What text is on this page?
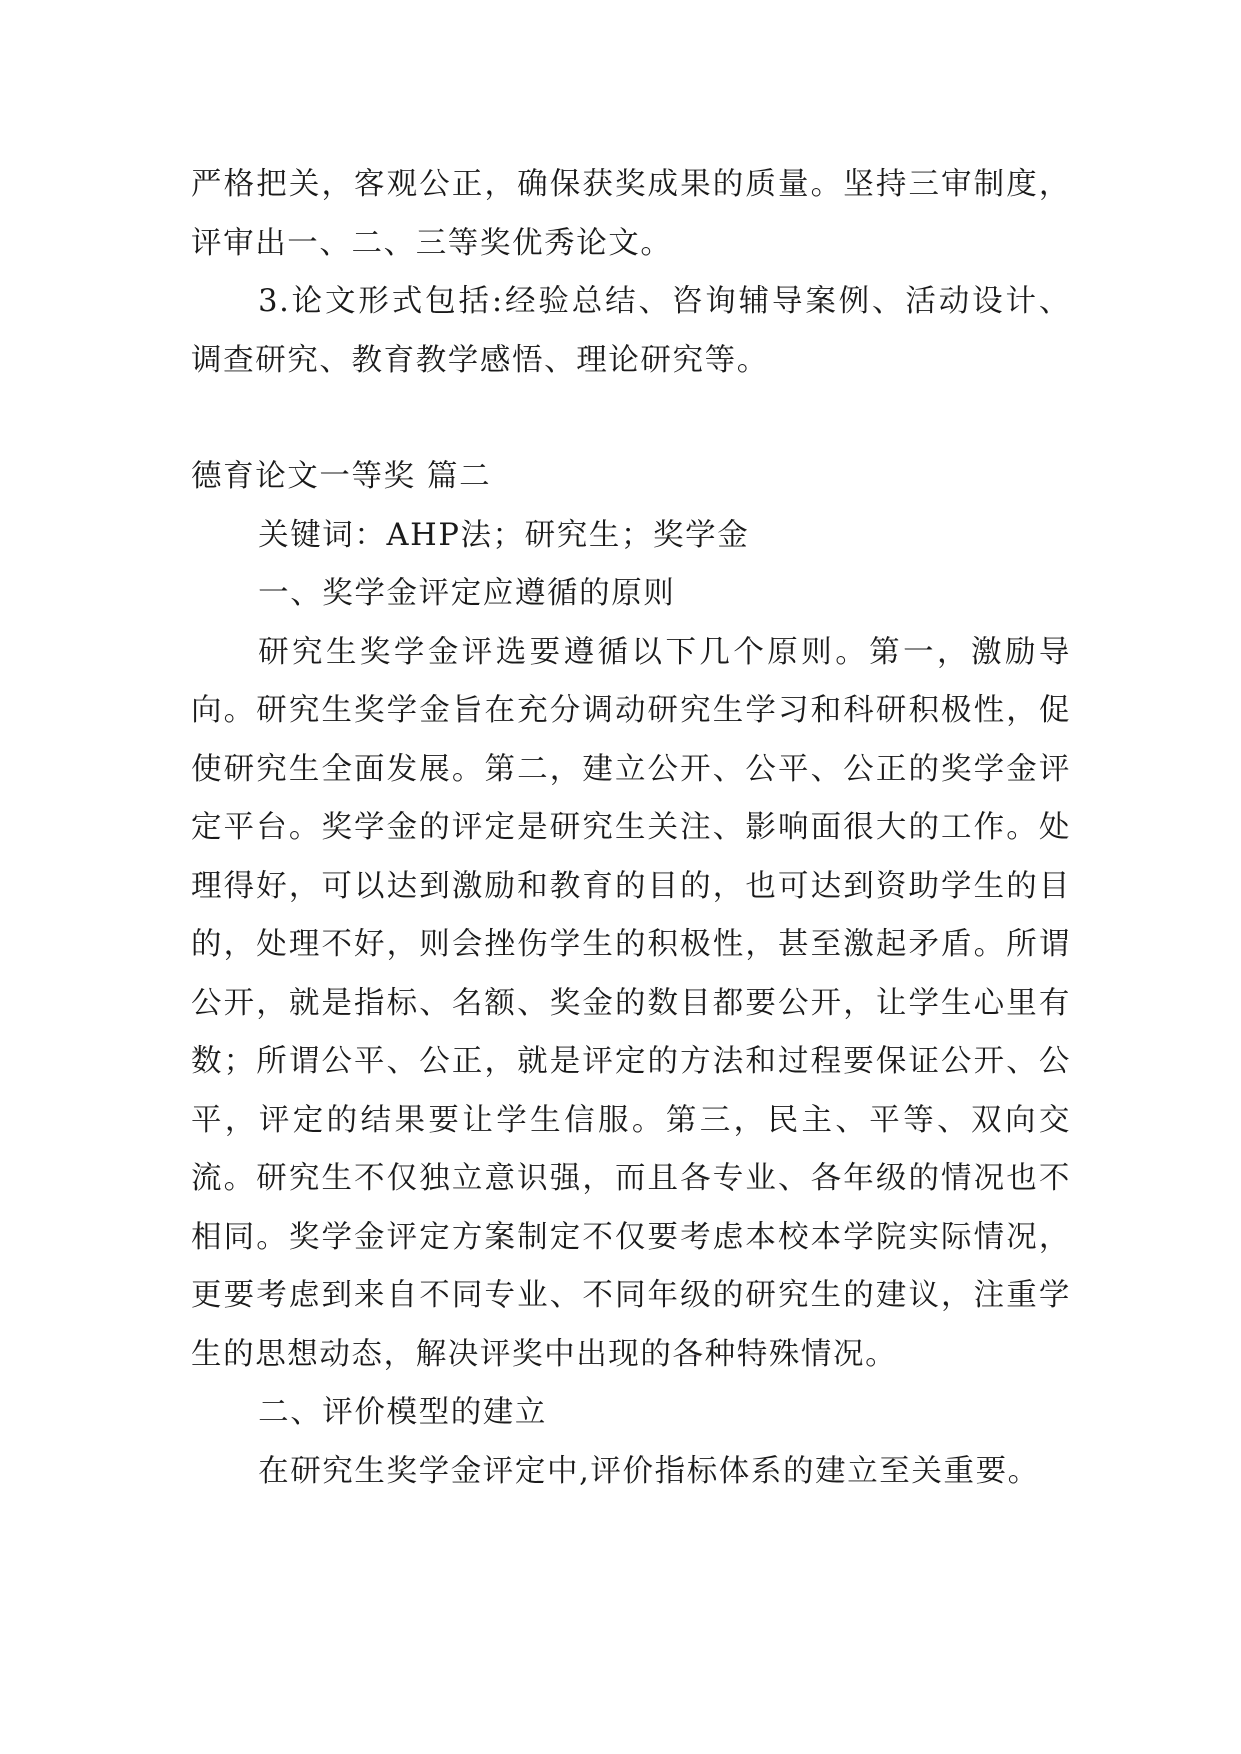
严格把关，客观公正，确保获奖成果的质量。坚持三审制度，评审出一、二、三等奖优秀论文。

3.论文形式包括:经验总结、咨询辅导案例、活动设计、调查研究、教育教学感悟、理论研究等。

德育论文一等奖 篇二

关键词：AHP法；研究生；奖学金

一、奖学金评定应遵循的原则

研究生奖学金评选要遵循以下几个原则。第一，激励导向。研究生奖学金旨在充分调动研究生学习和科研积极性，促使研究生全面发展。第二，建立公开、公平、公正的奖学金评定平台。奖学金的评定是研究生关注、影响面很大的工作。处理得好，可以达到激励和教育的目的，也可达到资助学生的目的，处理不好，则会挫伤学生的积极性，甚至激起矛盾。所谓公开，就是指标、名额、奖金的数目都要公开，让学生心里有数；所谓公平、公正，就是评定的方法和过程要保证公开、公平，评定的结果要让学生信服。第三，民主、平等、双向交流。研究生不仅独立意识强，而且各专业、各年级的情况也不相同。奖学金评定方案制定不仅要考虑本校本学院实际情况，更要考虑到来自不同专业、不同年级的研究生的建议，注重学生的思想动态，解决评奖中出现的各种特殊情况。

二、评价模型的建立

在研究生奖学金评定中,评价指标体系的建立至关重要。
